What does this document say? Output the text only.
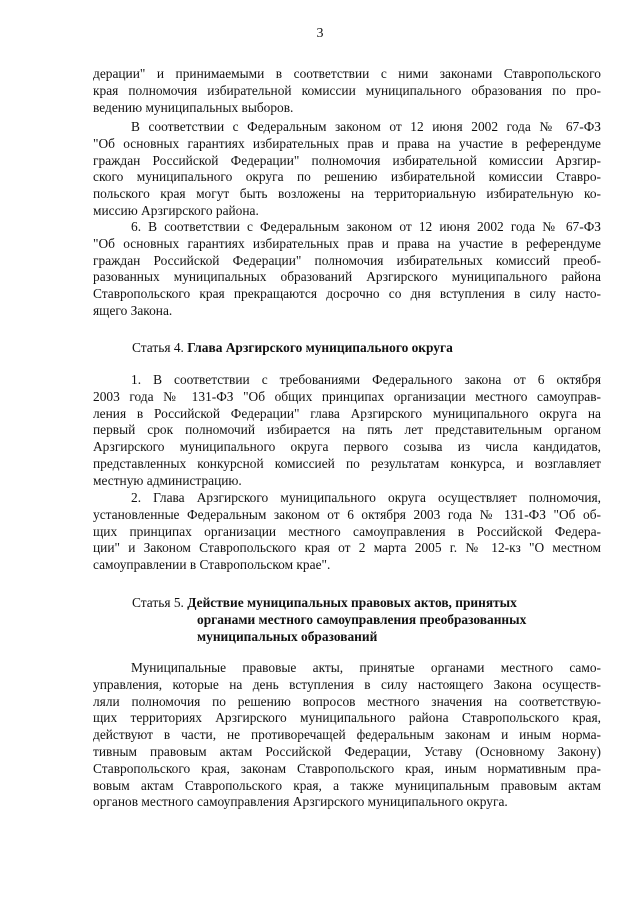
3

дерации" и принимаемыми в соответствии с ними законами Ставропольского
края полномочия избирательной комиссии муниципального образования по про-
ведению муниципальных выборов.

В соответствии с Федеральным законом от 12 июня 2002 года № 67-ФЗ
"Об основных гарантиях избирательных прав и права на участие в референдуме
граждан Российской Федерации" полномочия избирательной комиссии Арзгир-
ского муниципального округа по решению избирательной комиссии Ставро-
польского края могут быть возложены на территориальную избирательную ко-
миссию Арзгирского района.

6. В соответствии с Федеральным законом от 12 июня 2002 года № 67-ФЗ
"Об основных гарантиях избирательных прав и права на участие в референдуме
граждан Российской Федерации" полномочия избирательных комиссий преоб-
разованных муниципальных образований Арзгирского муниципального района
Ставропольского края прекращаются досрочно со дня вступления в силу насто-
ящего Закона.

Статья 4. Глава Арзгирского муниципального округа

1. В соответствии с требованиями Федерального закона от 6 октября
2003 года № 131-ФЗ "Об общих принципах организации местного самоуправ-
ления в Российской Федерации" глава Арзгирского муниципального округа на
первый срок полномочий избирается на пять лет представительным органом
Арзгирского муниципального округа первого созыва из числа кандидатов,
представленных конкурсной комиссией по результатам конкурса, и возглавляет
местную администрацию.

2. Глава Арзгирского муниципального округа осуществляет полномочия,
установленные Федеральным законом от 6 октября 2003 года № 131-ФЗ "Об об-
щих принципах организации местного самоуправления в Российской Федера-
ции" и Законом Ставропольского края от 2 марта 2005 г. № 12-кз "О местном
самоуправлении в Ставропольском крае".

Статья 5. Действие муниципальных правовых актов, принятых
органами местного самоуправления преобразованных
муниципальных образований

Муниципальные правовые акты, принятые органами местного само-
управления, которые на день вступления в силу настоящего Закона осуществ-
ляли полномочия по решению вопросов местного значения на соответствую-
щих территориях Арзгирского муниципального района Ставропольского края,
действуют в части, не противоречащей федеральным законам и иным норма-
тивным правовым актам Российской Федерации, Уставу (Основному Закону)
Ставропольского края, законам Ставропольского края, иным нормативным пра-
вовым актам Ставропольского края, а также муниципальным правовым актам
органов местного самоуправления Арзгирского муниципального округа.
